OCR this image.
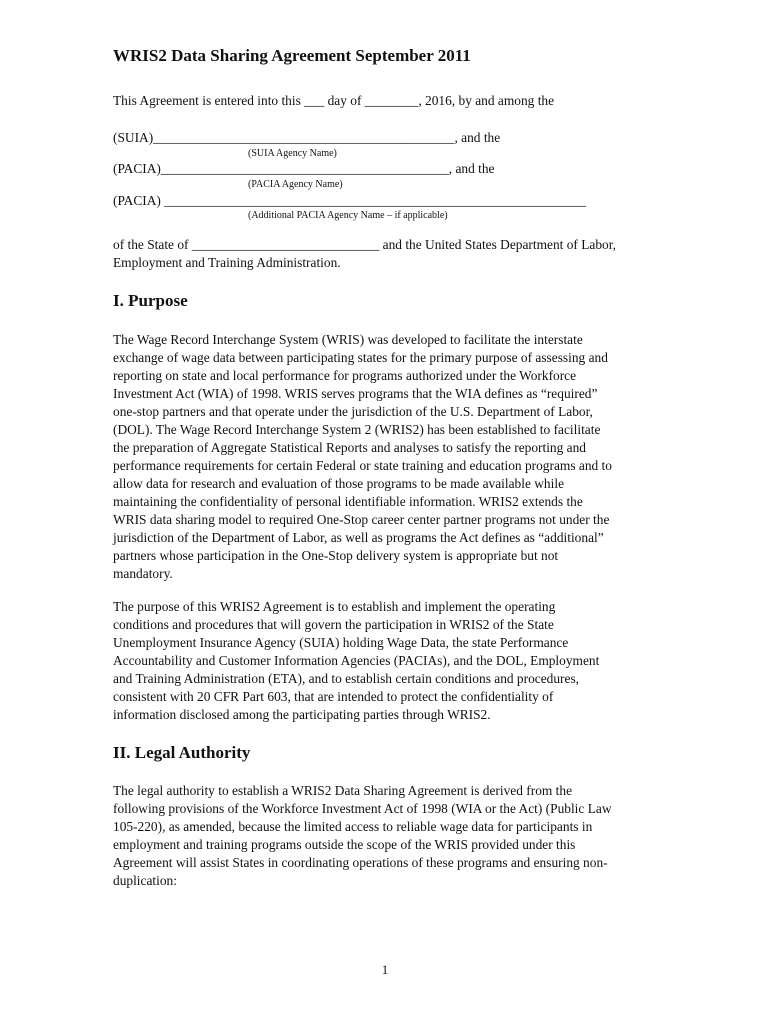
WRIS2 Data Sharing Agreement September 2011

This Agreement is entered into this ___ day of ________, 2016, by and among the

(SUIA)_____________________________________________, and the

(SUIA Agency Name)

(PACIA)___________________________________________, and the

(PACIA Agency Name)

(PACIA) _______________________________________________________________

(Additional PACIA Agency Name – if applicable)

of the State of ____________________________ and the United States Department of Labor,

Employment and Training Administration.

I. Purpose
The Wage Record Interchange System (WRIS) was developed to facilitate the interstate
exchange of wage data between participating states for the primary purpose of assessing and
reporting on state and local performance for programs authorized under the Workforce
Investment Act (WIA) of 1998. WRIS serves programs that the WIA defines as “required”
one-stop partners and that operate under the jurisdiction of the U.S. Department of Labor,
(DOL). The Wage Record Interchange System 2 (WRIS2) has been established to facilitate
the preparation of Aggregate Statistical Reports and analyses to satisfy the reporting and
performance requirements for certain Federal or state training and education programs and to
allow data for research and evaluation of those programs to be made available while
maintaining the confidentiality of personal identifiable information. WRIS2 extends the
WRIS data sharing model to required One-Stop career center partner programs not under the
jurisdiction of the Department of Labor, as well as programs the Act defines as “additional”
partners whose participation in the One-Stop delivery system is appropriate but not
mandatory.
The purpose of this WRIS2 Agreement is to establish and implement the operating
conditions and procedures that will govern the participation in WRIS2 of the State
Unemployment Insurance Agency (SUIA) holding Wage Data, the state Performance
Accountability and Customer Information Agencies (PACIAs), and the DOL, Employment
and Training Administration (ETA), and to establish certain conditions and procedures,
consistent with 20 CFR Part 603, that are intended to protect the confidentiality of
information disclosed among the participating parties through WRIS2.
II. Legal Authority
The legal authority to establish a WRIS2 Data Sharing Agreement is derived from the
following provisions of the Workforce Investment Act of 1998 (WIA or the Act) (Public Law
105-220), as amended, because the limited access to reliable wage data for participants in
employment and training programs outside the scope of the WRIS provided under this
Agreement will assist States in coordinating operations of these programs and ensuring non-
duplication:

1
